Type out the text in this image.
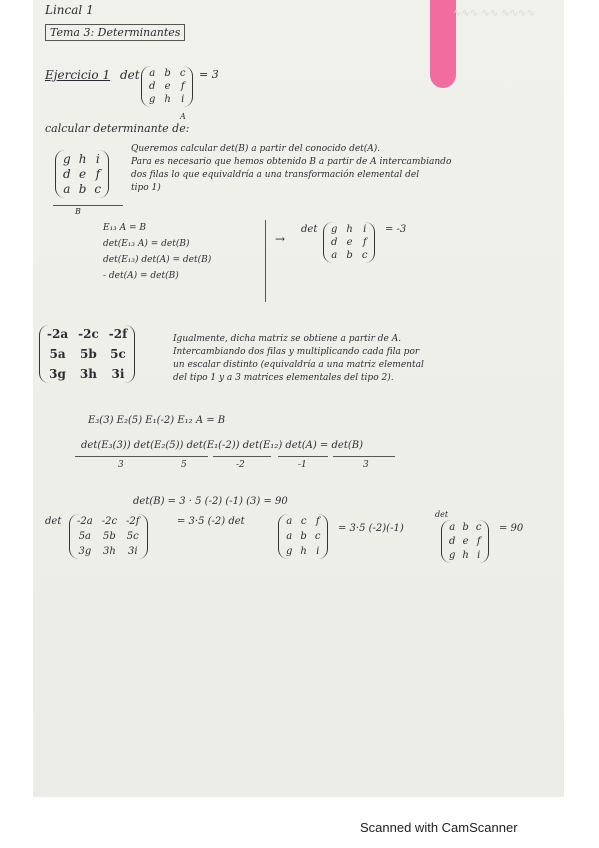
∿∿∿ ∿∿ ∿∿∿∿
Lincal 1
Tema 3: Determinantes
Ejercicio 1 det a b c
d e f
g h i
= 3
A
calcular determinante de:
g h i
d e f
a b c
B
Queremos calcular det(B) a partir del conocido det(A).
Para es necesario que hemos obtenido B a partir de A intercambiando
dos filas lo que equivaldría a una transformación elemental del
tipo 1)
E₁₃ A = B
det(E₁₃ A) = det(B)
det(E₁₃) det(A) = det(B)
- det(A) = det(B)
→
det g h i
d e f
a b c
= -3
-2a -2c -2f
5a 5b 5c
3g 3h 3i
Igualmente, dicha matriz se obtiene a partir de A.
Intercambiando dos filas y multiplicando cada fila por
un escalar distinto (equivaldría a una matriz elemental
del tipo 1 y a 3 matrices elementales del tipo 2).
E₃(3) E₂(5) E₁(-2) E₁₂ A = B
det(E₃(3)) det(E₂(5)) det(E₁(-2)) det(E₁₂) det(A) = det(B)
3	5	-2	-1	3
det(B) = 3 · 5 (-2) (-1) (3) = 90
det -2a -2c -2f
5a 5b 5c
3g 3h 3i
= 3·5 (-2) det	a c f
a b c
g h i
= 3·5 (-2)(-1)
det
a b c
d e f
g h i
= 90
Scanned with CamScanner
